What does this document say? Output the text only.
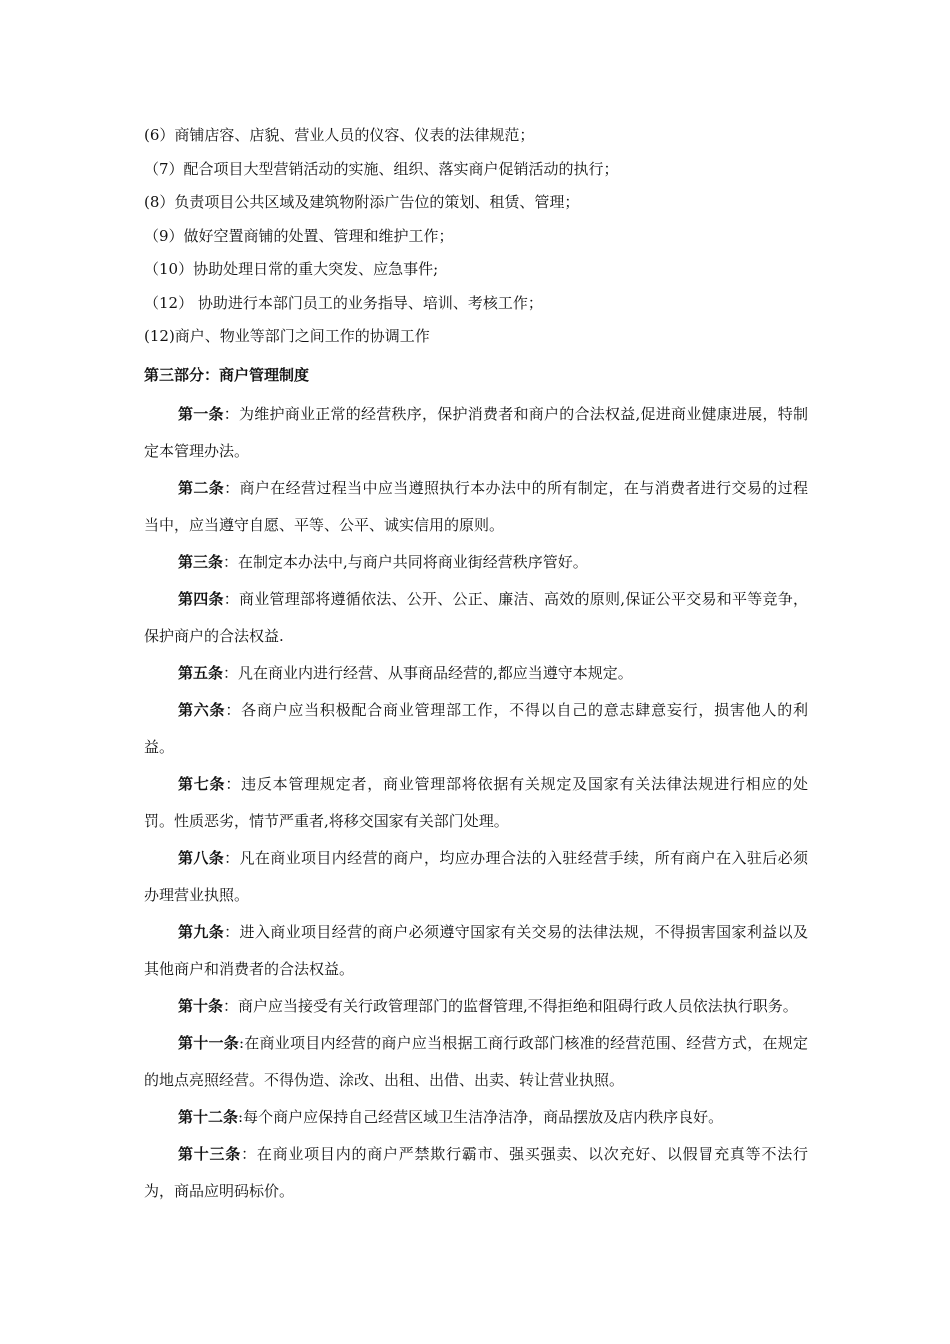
(6）商铺店容、店貌、营业人员的仪容、仪表的法律规范；
（7）配合项目大型营销活动的实施、组织、落实商户促销活动的执行；
(8）负责项目公共区域及建筑物附添广告位的策划、租赁、管理；
（9）做好空置商铺的处置、管理和维护工作；
（10）协助处理日常的重大突发、应急事件;
（12） 协助进行本部门员工的业务指导、培训、考核工作；
(12)商户、物业等部门之间工作的协调工作
第三部分：商户管理制度

第一条：为维护商业正常的经营秩序，保护消费者和商户的合法权益,促进商业健康进展，特制定本管理办法。

第二条：商户在经营过程当中应当遵照执行本办法中的所有制定，在与消费者进行交易的过程当中，应当遵守自愿、平等、公平、诚实信用的原则。

第三条：在制定本办法中,与商户共同将商业街经营秩序管好。

第四条：商业管理部将遵循依法、公开、公正、廉洁、高效的原则,保证公平交易和平等竞争，保护商户的合法权益.

第五条：凡在商业内进行经营、从事商品经营的,都应当遵守本规定。

第六条：各商户应当积极配合商业管理部工作，不得以自己的意志肆意妄行，损害他人的利益。

第七条：违反本管理规定者，商业管理部将依据有关规定及国家有关法律法规进行相应的处罚。性质恶劣，情节严重者,将移交国家有关部门处理。

第八条：凡在商业项目内经营的商户，均应办理合法的入驻经营手续，所有商户在入驻后必须办理营业执照。

第九条：进入商业项目经营的商户必须遵守国家有关交易的法律法规，不得损害国家利益以及其他商户和消费者的合法权益。

第十条：商户应当接受有关行政管理部门的监督管理,不得拒绝和阻碍行政人员依法执行职务。

第十一条:在商业项目内经营的商户应当根据工商行政部门核准的经营范围、经营方式，在规定的地点亮照经营。不得伪造、涂改、出租、出借、出卖、转让营业执照。

第十二条:每个商户应保持自己经营区域卫生洁净洁净，商品摆放及店内秩序良好。

第十三条：在商业项目内的商户严禁欺行霸市、强买强卖、以次充好、以假冒充真等不法行为，商品应明码标价。
